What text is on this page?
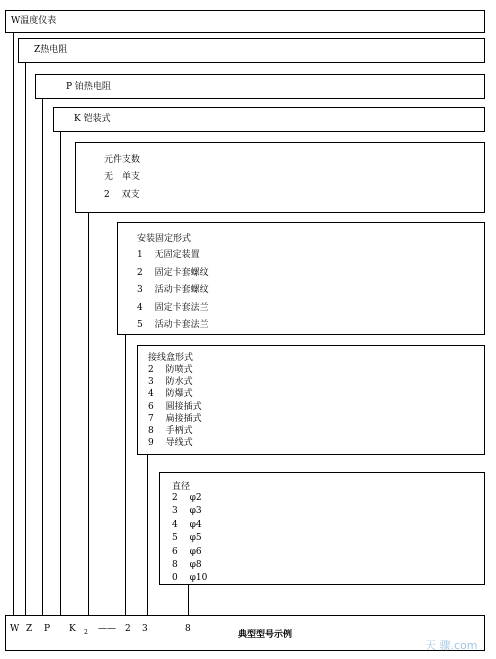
W温度仪表
Z热电阻
P 铂热电阻
K 铠装式
元件支数
无　单支
2　 双支
安装固定形式
1　 无固定装置
2　 固定卡套螺纹
3　 活动卡套螺纹
4　 固定卡套法兰
5　 活动卡套法兰
接线盒形式
2　 防喷式
3　 防水式
4　 防爆式
6　 圆接插式
7　 扁接插式
8　 手柄式
9　 导线式
直径
2　 φ2
3　 φ3
4　 φ4
5　 φ5
6　 φ6
8　 φ8
0　 φ10
W Z P K 2 —— 2 3	8
典型型号示例
天 骤.com
